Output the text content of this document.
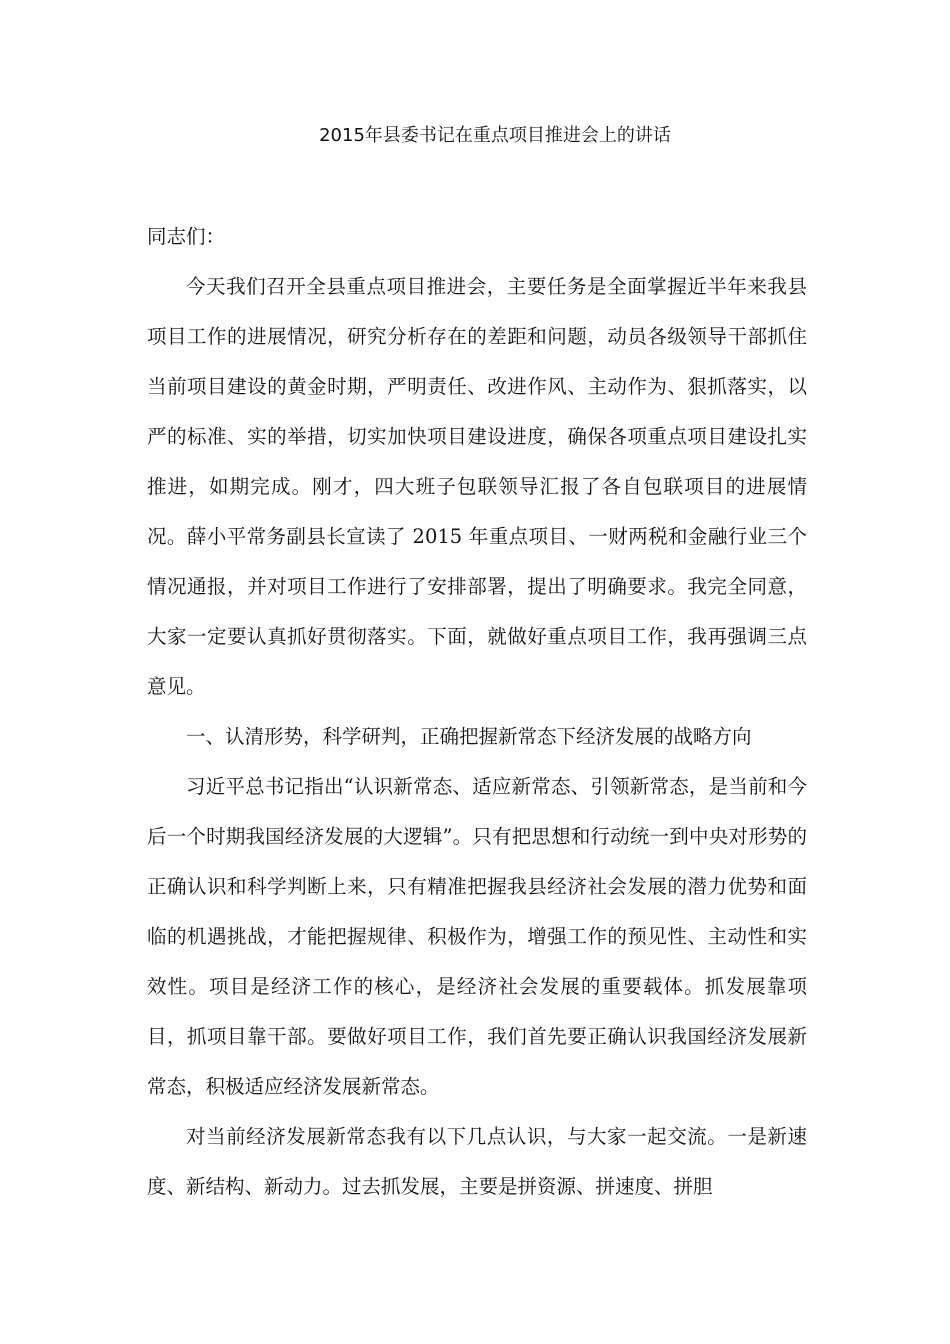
2015年县委书记在重点项目推进会上的讲话

同志们：

今天我们召开全县重点项目推进会，主要任务是全面掌握近半年来我县项目工作的进展情况，研究分析存在的差距和问题，动员各级领导干部抓住当前项目建设的黄金时期，严明责任、改进作风、主动作为、狠抓落实，以严的标准、实的举措，切实加快项目建设进度，确保各项重点项目建设扎实推进，如期完成。刚才，四大班子包联领导汇报了各自包联项目的进展情况。薛小平常务副县长宣读了 2015 年重点项目、一财两税和金融行业三个情况通报，并对项目工作进行了安排部署，提出了明确要求。我完全同意，大家一定要认真抓好贯彻落实。下面，就做好重点项目工作，我再强调三点意见。

一、认清形势，科学研判，正确把握新常态下经济发展的战略方向

习近平总书记指出“认识新常态、适应新常态、引领新常态，是当前和今后一个时期我国经济发展的大逻辑”。只有把思想和行动统一到中央对形势的正确认识和科学判断上来，只有精准把握我县经济社会发展的潜力优势和面临的机遇挑战，才能把握规律、积极作为，增强工作的预见性、主动性和实效性。项目是经济工作的核心，是经济社会发展的重要载体。抓发展靠项目，抓项目靠干部。要做好项目工作，我们首先要正确认识我国经济发展新常态，积极适应经济发展新常态。

对当前经济发展新常态我有以下几点认识，与大家一起交流。一是新速度、新结构、新动力。过去抓发展，主要是拼资源、拼速度、拼胆
